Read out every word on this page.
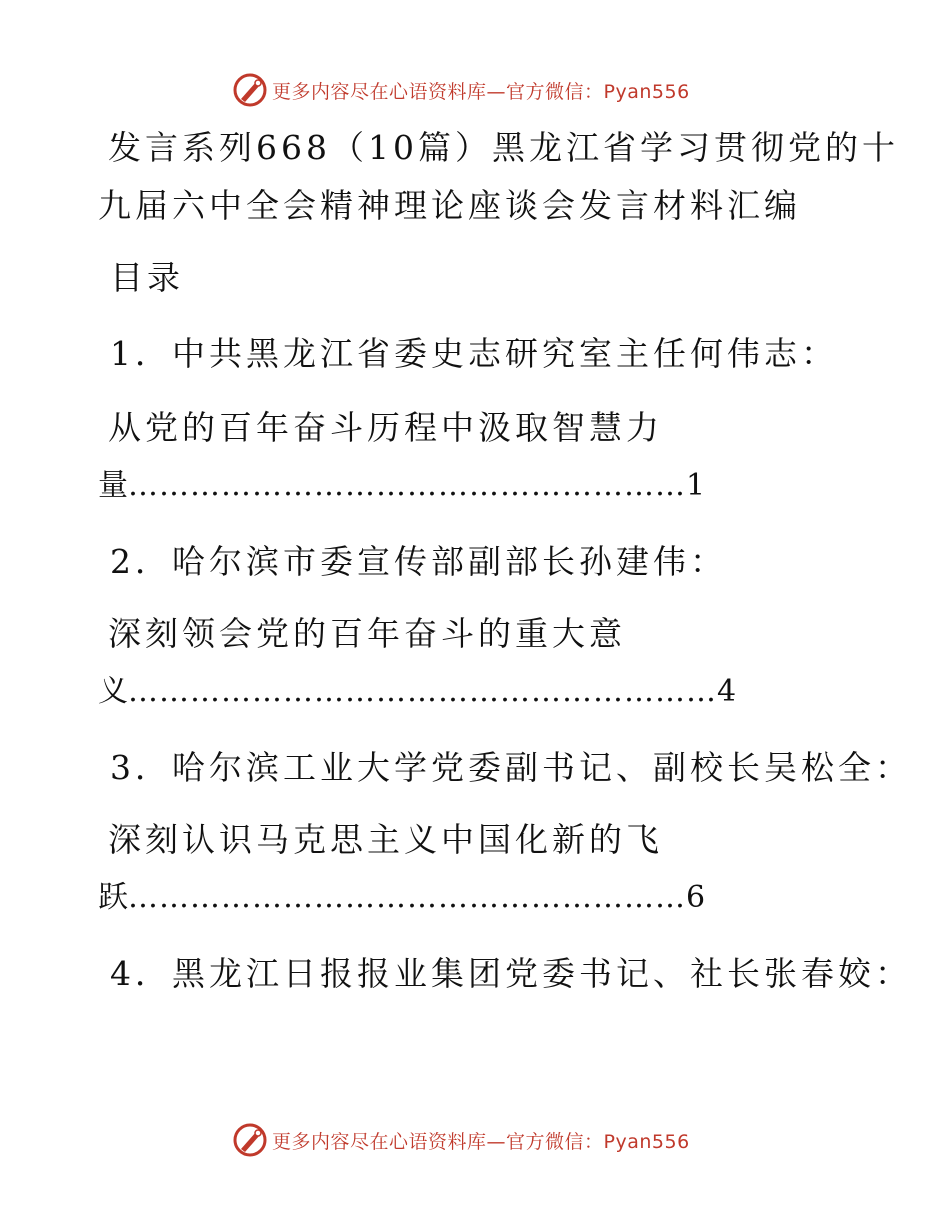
更多内容尽在心语资料库—官方微信：Pyan556
发言系列668（10篇）黑龙江省学习贯彻党的十
九届六中全会精神理论座谈会发言材料汇编
目录
1．中共黑龙江省委史志研究室主任何伟志：
从党的百年奋斗历程中汲取智慧力
量………………………………………………1
2．哈尔滨市委宣传部副部长孙建伟：
深刻领会党的百年奋斗的重大意
义…………………………………………………4
3．哈尔滨工业大学党委副书记、副校长吴松全：
深刻认识马克思主义中国化新的飞
跃………………………………………………6
4．黑龙江日报报业集团党委书记、社长张春姣：
更多内容尽在心语资料库—官方微信：Pyan556
